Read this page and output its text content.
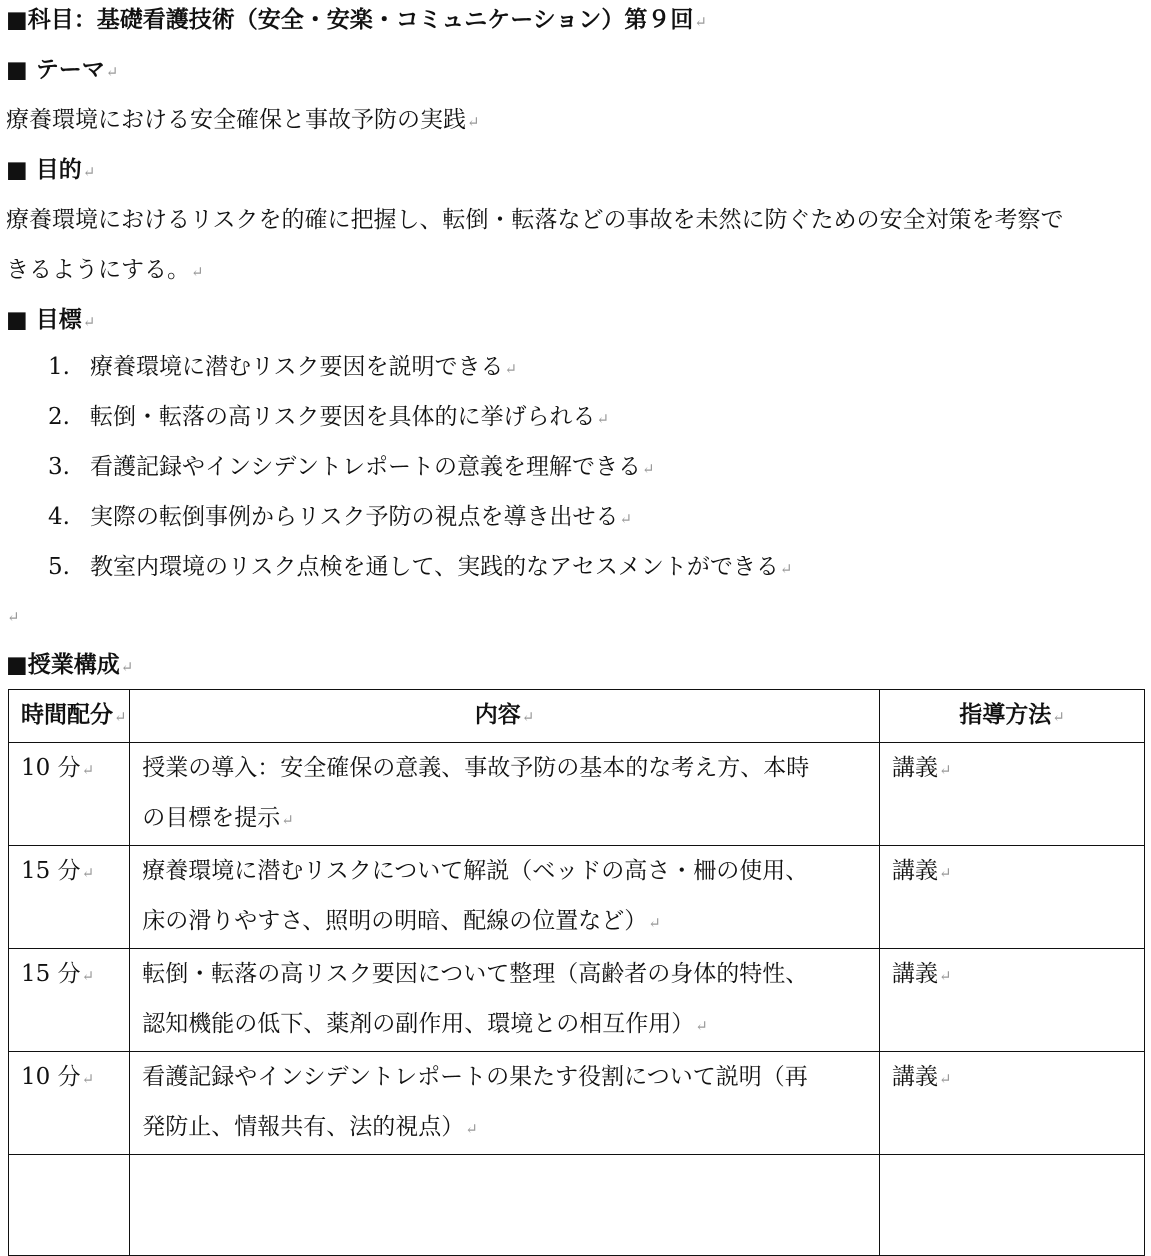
■科目：基礎看護技術（安全・安楽・コミュニケーション）第９回↵
■ テーマ↵
療養環境における安全確保と事故予防の実践↵
■ 目的↵
療養環境におけるリスクを的確に把握し、転倒・転落などの事故を未然に防ぐための安全対策を考察で
きるようにする。↵
■ 目標↵
1. 療養環境に潜むリスク要因を説明できる↵
2. 転倒・転落の高リスク要因を具体的に挙げられる↵
3. 看護記録やインシデントレポートの意義を理解できる↵
4. 実際の転倒事例からリスク予防の視点を導き出せる↵
5. 教室内環境のリスク点検を通して、実践的なアセスメントができる↵
↵
■授業構成↵
時間配分↵	内容↵	指導方法↵
10 分↵	授業の導入：安全確保の意義、事故予防の基本的な考え方、本時
の目標を提示↵	講義↵
15 分↵	療養環境に潜むリスクについて解説（ベッドの高さ・柵の使用、
床の滑りやすさ、照明の明暗、配線の位置など）↵	講義↵
15 分↵	転倒・転落の高リスク要因について整理（高齢者の身体的特性、
認知機能の低下、薬剤の副作用、環境との相互作用）↵	講義↵
10 分↵	看護記録やインシデントレポートの果たす役割について説明（再
発防止、情報共有、法的視点）↵	講義↵
